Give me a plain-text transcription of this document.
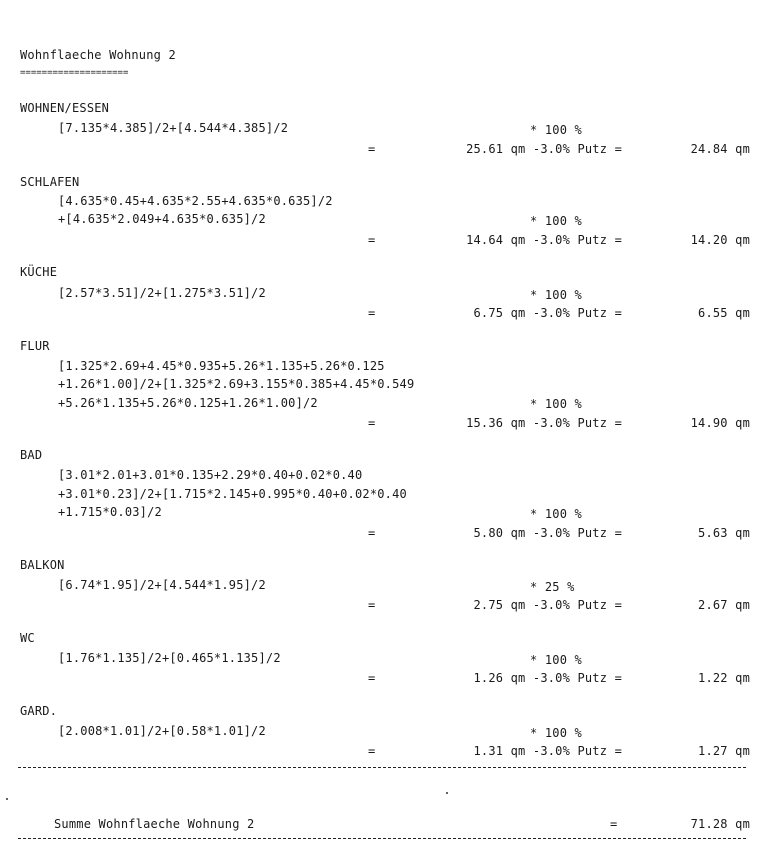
Wohnflaeche Wohnung 2
====================
WOHNEN/ESSEN
[7.135*4.385]/2+[4.544*4.385]/2	* 100 %
=	25.61 qm -3.0% Putz =	24.84 qm
SCHLAFEN
[4.635*0.45+4.635*2.55+4.635*0.635]/2
+[4.635*2.049+4.635*0.635]/2	* 100 %
=	14.64 qm -3.0% Putz =	14.20 qm
KÜCHE
[2.57*3.51]/2+[1.275*3.51]/2	* 100 %
=	6.75 qm -3.0% Putz =	6.55 qm
FLUR
[1.325*2.69+4.45*0.935+5.26*1.135+5.26*0.125
+1.26*1.00]/2+[1.325*2.69+3.155*0.385+4.45*0.549
+5.26*1.135+5.26*0.125+1.26*1.00]/2	* 100 %
=	15.36 qm -3.0% Putz =	14.90 qm
BAD
[3.01*2.01+3.01*0.135+2.29*0.40+0.02*0.40
+3.01*0.23]/2+[1.715*2.145+0.995*0.40+0.02*0.40
+1.715*0.03]/2	* 100 %
=	5.80 qm -3.0% Putz =	5.63 qm
BALKON
[6.74*1.95]/2+[4.544*1.95]/2	* 25 %
=	2.75 qm -3.0% Putz =	2.67 qm
WC
[1.76*1.135]/2+[0.465*1.135]/2	* 100 %
=	1.26 qm -3.0% Putz =	1.22 qm
GARD.
[2.008*1.01]/2+[0.58*1.01]/2	* 100 %
=	1.31 qm -3.0% Putz =	1.27 qm
Summe Wohnflaeche Wohnung 2	=	71.28 qm
